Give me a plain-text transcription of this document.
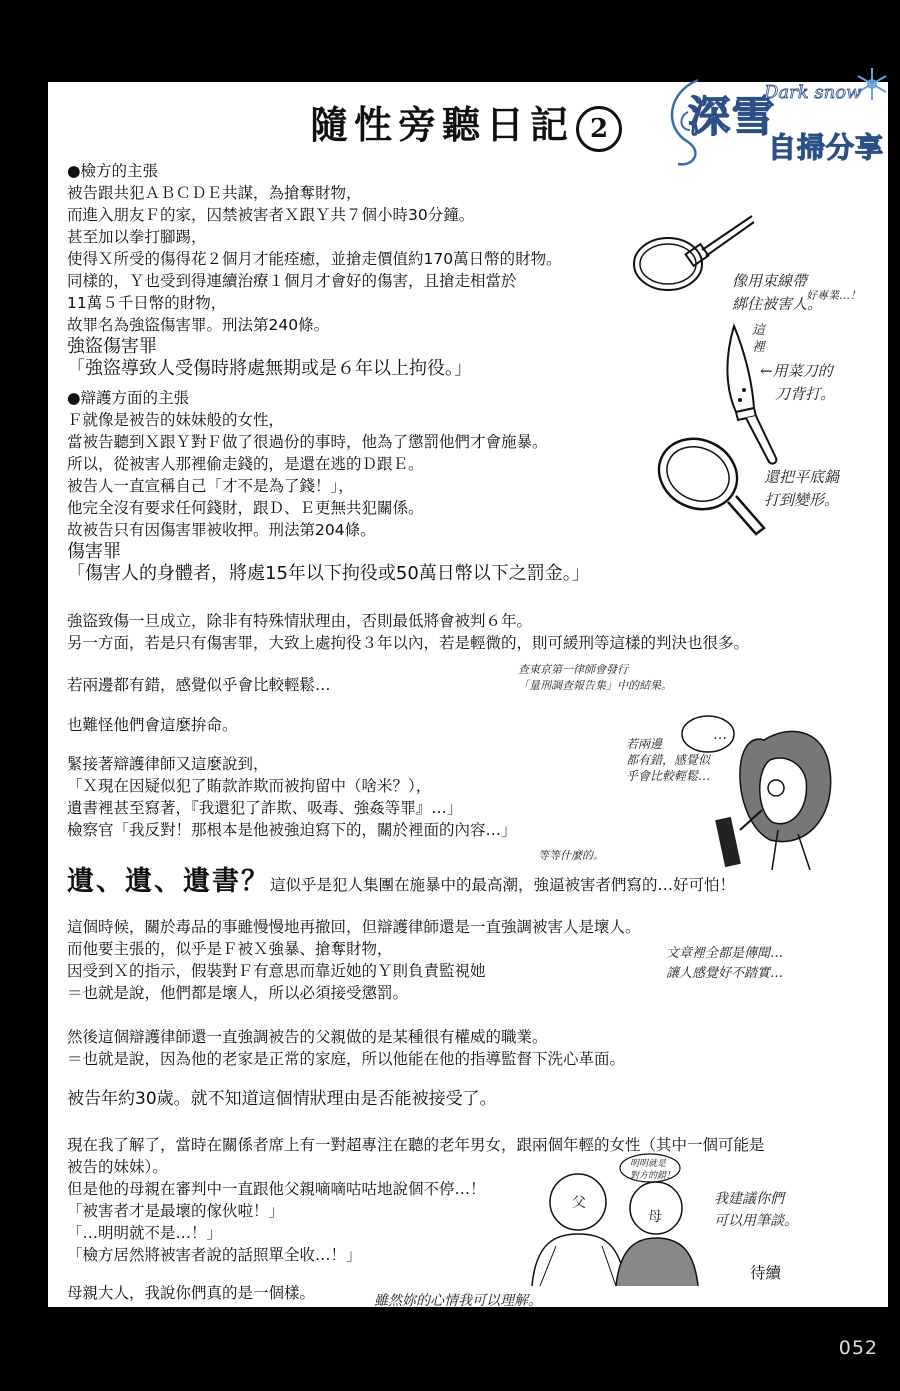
隨性旁聽日記 2	深雪
Dark snow
自掃分享
●檢方的主張
被告跟共犯ＡＢＣＤＥ共謀，為搶奪財物，
而進入朋友Ｆ的家，囚禁被害者Ｘ跟Ｙ共７個小時30分鐘。
甚至加以拳打腳踢，
使得Ｘ所受的傷得花２個月才能痊癒，並搶走價值約170萬日幣的財物。
同樣的，Ｙ也受到得連續治療１個月才會好的傷害，且搶走相當於
11萬５千日幣的財物，
故罪名為強盜傷害罪。刑法第240條。
強盜傷害罪
「強盜導致人受傷時將處無期或是６年以上拘役。」
●辯護方面的主張
Ｆ就像是被告的妹妹般的女性，
當被告聽到Ｘ跟Ｙ對Ｆ做了很過份的事時，他為了懲罰他們才會施暴。
所以，從被害人那裡偷走錢的，是還在逃的Ｄ跟Ｅ。
被告人一直宣稱自己「才不是為了錢！」，
他完全沒有要求任何錢財，跟Ｄ、Ｅ更無共犯關係。
故被告只有因傷害罪被收押。刑法第204條。
傷害罪
「傷害人的身體者，將處15年以下拘役或50萬日幣以下之罰金。」
強盜致傷一旦成立，除非有特殊情狀理由，否則最低將會被判６年。
另一方面，若是只有傷害罪，大致上處拘役３年以內，若是輕微的，則可緩刑等這樣的判決也很多。
若兩邊都有錯，感覺似乎會比較輕鬆…
也難怪他們會這麼拚命。
緊接著辯護律師又這麼說到，
「Ｘ現在因疑似犯了賄款詐欺而被拘留中（啥米？），
遺書裡甚至寫著，『我還犯了詐欺、吸毒、強姦等罪』…」
檢察官「我反對！那根本是他被強迫寫下的，關於裡面的內容…」
遺、遺、遺書？這似乎是犯人集團在施暴中的最高潮，強逼被害者們寫的…好可怕！
這個時候，關於毒品的事雖慢慢地再撤回，但辯護律師還是一直強調被害人是壞人。
而他要主張的，似乎是Ｆ被Ｘ強暴、搶奪財物，
因受到Ｘ的指示，假裝對Ｆ有意思而靠近她的Ｙ則負責監視她
＝也就是說，他們都是壞人，所以必須接受懲罰。
然後這個辯護律師還一直強調被告的父親做的是某種很有權威的職業。
＝也就是說，因為他的老家是正常的家庭，所以他能在他的指導監督下洗心革面。
被告年約30歲。就不知道這個情狀理由是否能被接受了。
現在我了解了，當時在關係者席上有一對超專注在聽的老年男女，跟兩個年輕的女性（其中一個可能是
被告的妹妹）。
但是他的母親在審判中一直跟他父親嘀嘀咕咕地說個不停…！
「被害者才是最壞的傢伙啦！」
「…明明就不是…！」
「檢方居然將被害者說的話照單全收…！」
母親大人，我說你們真的是一個樣。
像用束線帶
綁住被害人。
好專業…！
這
裡
←用菜刀的
　刀背打。
還把平底鍋
打到變形。
查東京第一律師會發行
「量刑調查報告集」中的結果。
…
若兩邊
都有錯，感覺似
乎會比較輕鬆…
等等什麼的。
文章裡全都是傳聞…
讓人感覺好不踏實…
父
母
明明就是
對方的錯！
我建議你們
可以用筆談。
待續
雖然妳的心情我可以理解。
052
